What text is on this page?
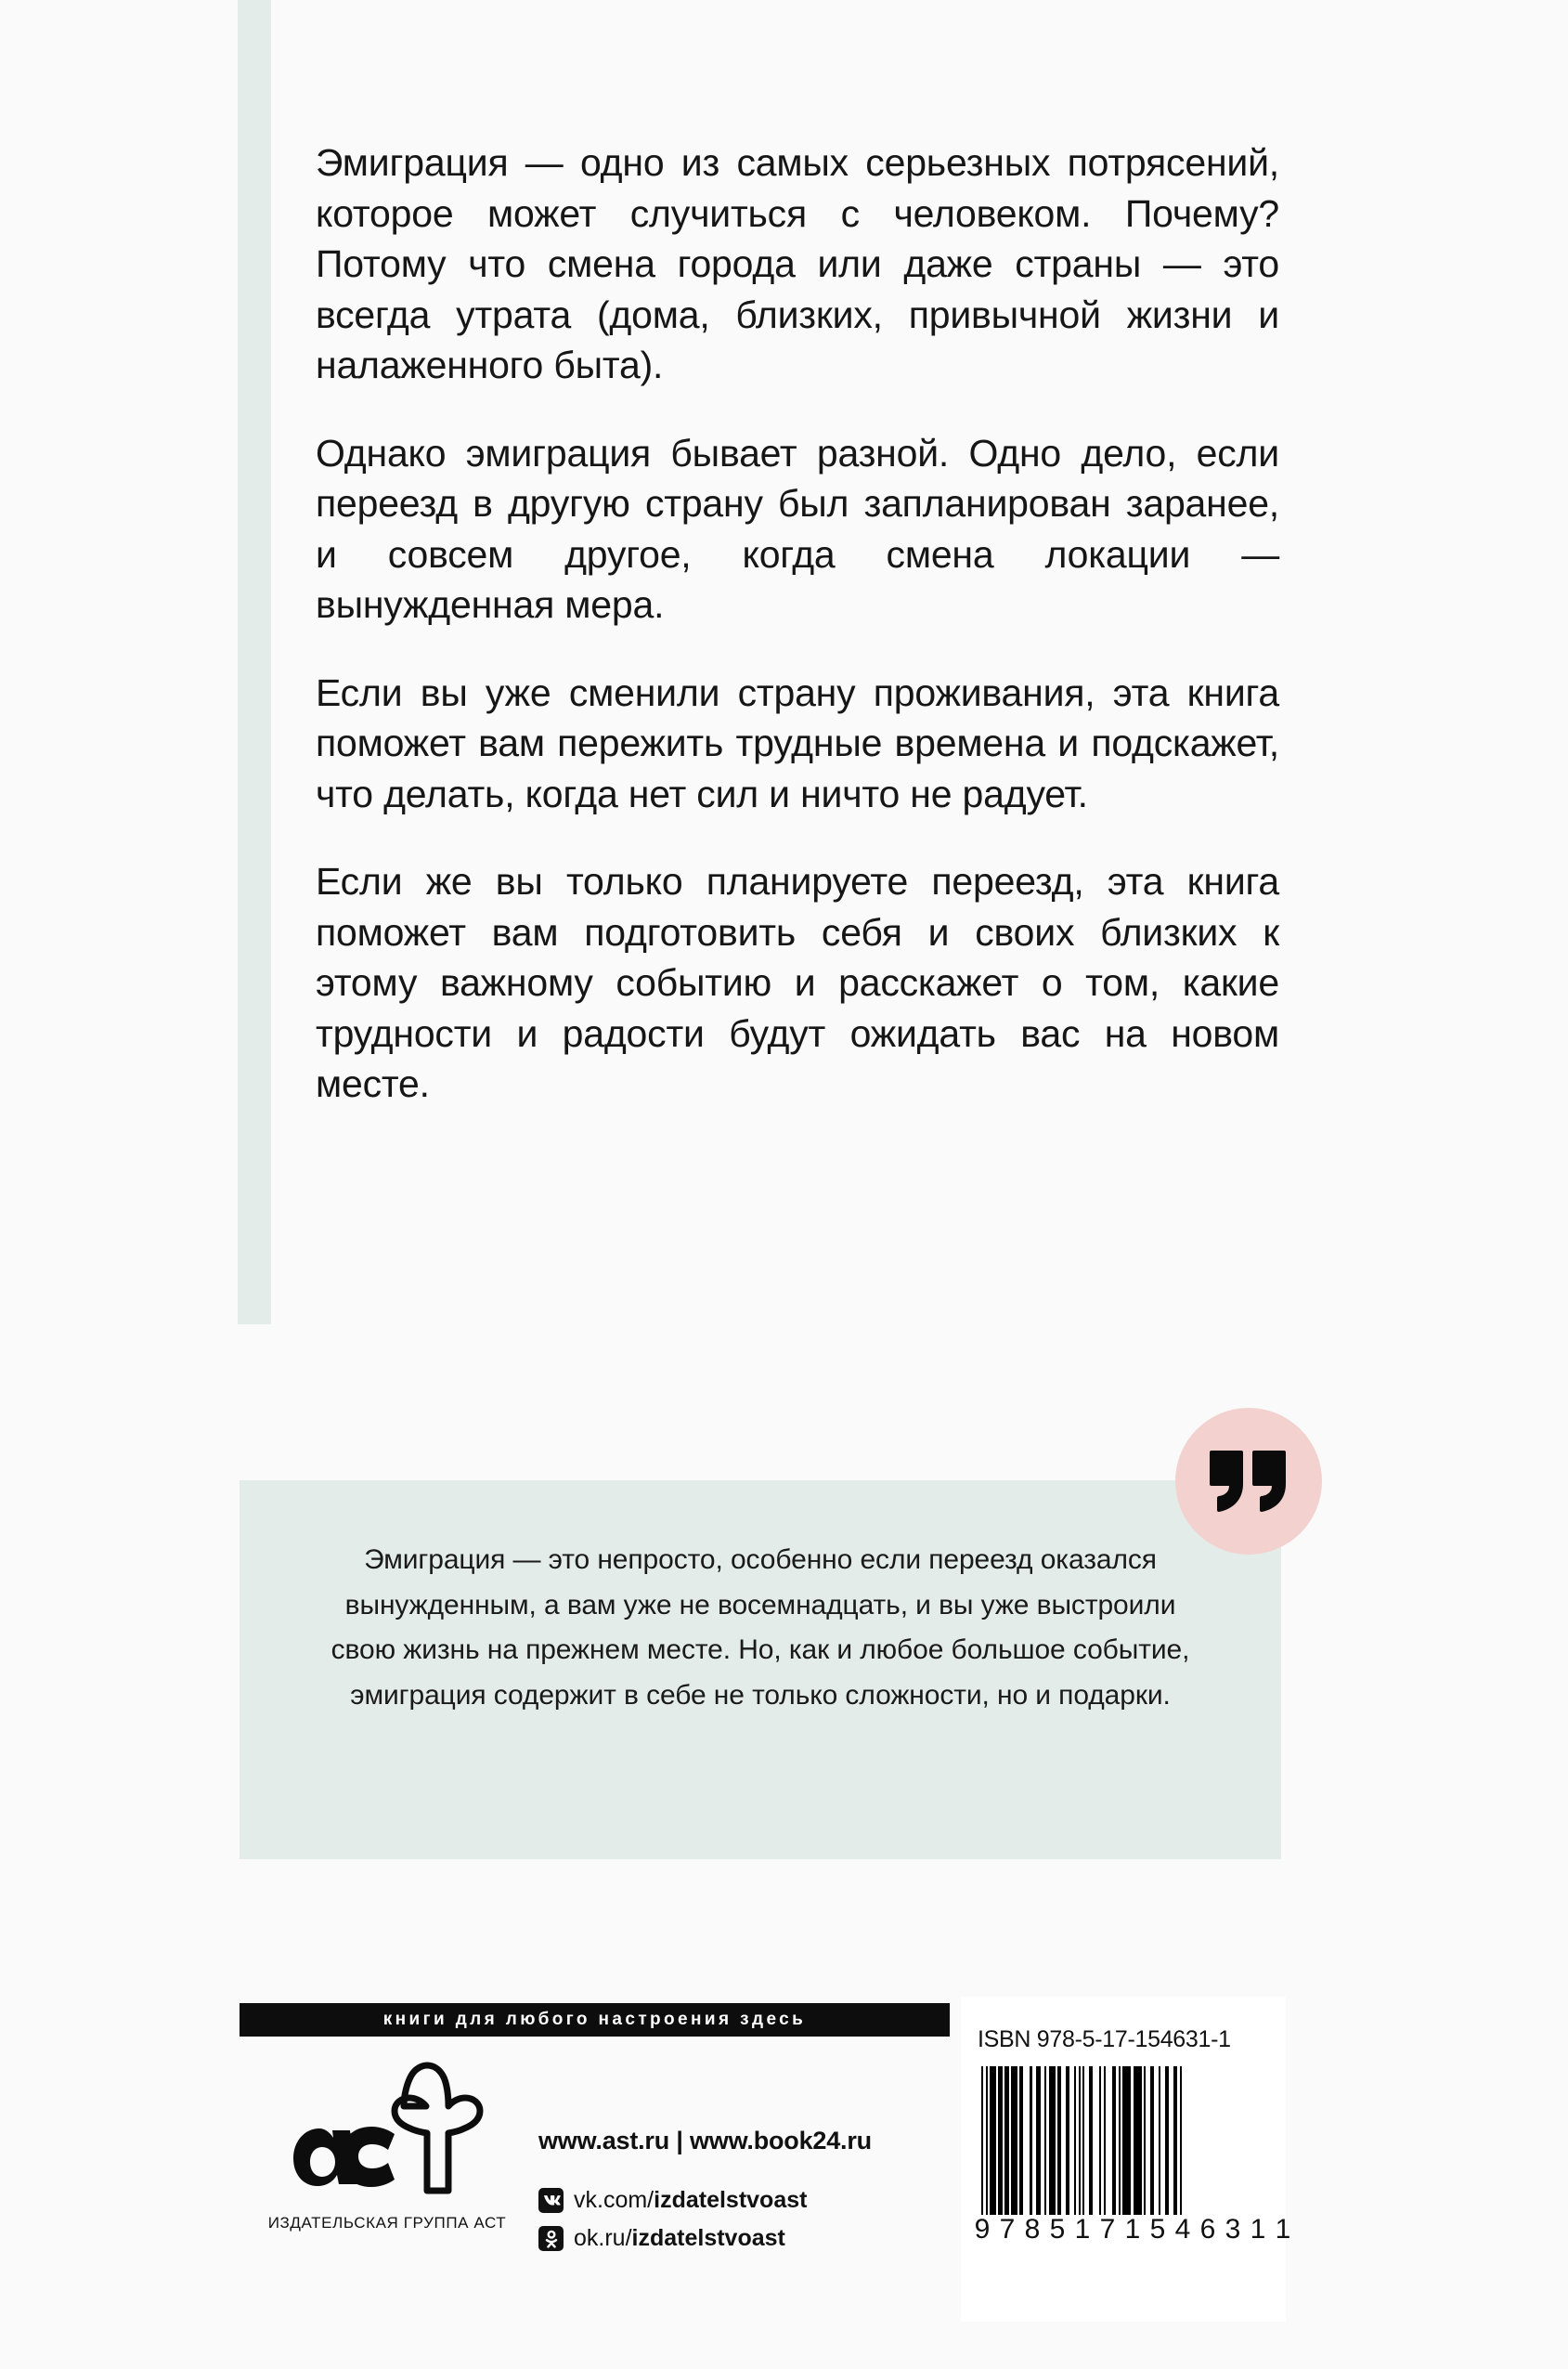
Эмиграция — одно из самых серьезных потрясений, которое может случиться с человеком. Почему? Потому что смена города или даже страны — это всегда утрата (дома, близких, привычной жизни и налаженного быта).

Однако эмиграция бывает разной. Одно дело, если переезд в другую страну был запланирован заранее, и совсем другое, когда смена локации — вынужденная мера.

Если вы уже сменили страну проживания, эта книга поможет вам пережить трудные времена и подскажет, что делать, когда нет сил и ничто не радует.

Если же вы только планируете переезд, эта книга поможет вам подготовить себя и своих близких к этому важному событию и расскажет о том, какие трудности и радости будут ожидать вас на новом месте.

Эмиграция — это непросто, особенно если переезд оказался вынужденным, а вам уже не восемнадцать, и вы уже выстроили свою жизнь на прежнем месте. Но, как и любое большое событие, эмиграция содержит в себе не только сложности, но и подарки.
книги для любого настроения здесь
ИЗДАТЕЛЬСКАЯ ГРУППА АСТ
www.ast.ru | www.book24.ru
vk.com/izdatelstvoast
ok.ru/izdatelstvoast
ISBN 978-5-17-154631-1
9 7 8 5 1 7 1 5 4 6 3 1 1
